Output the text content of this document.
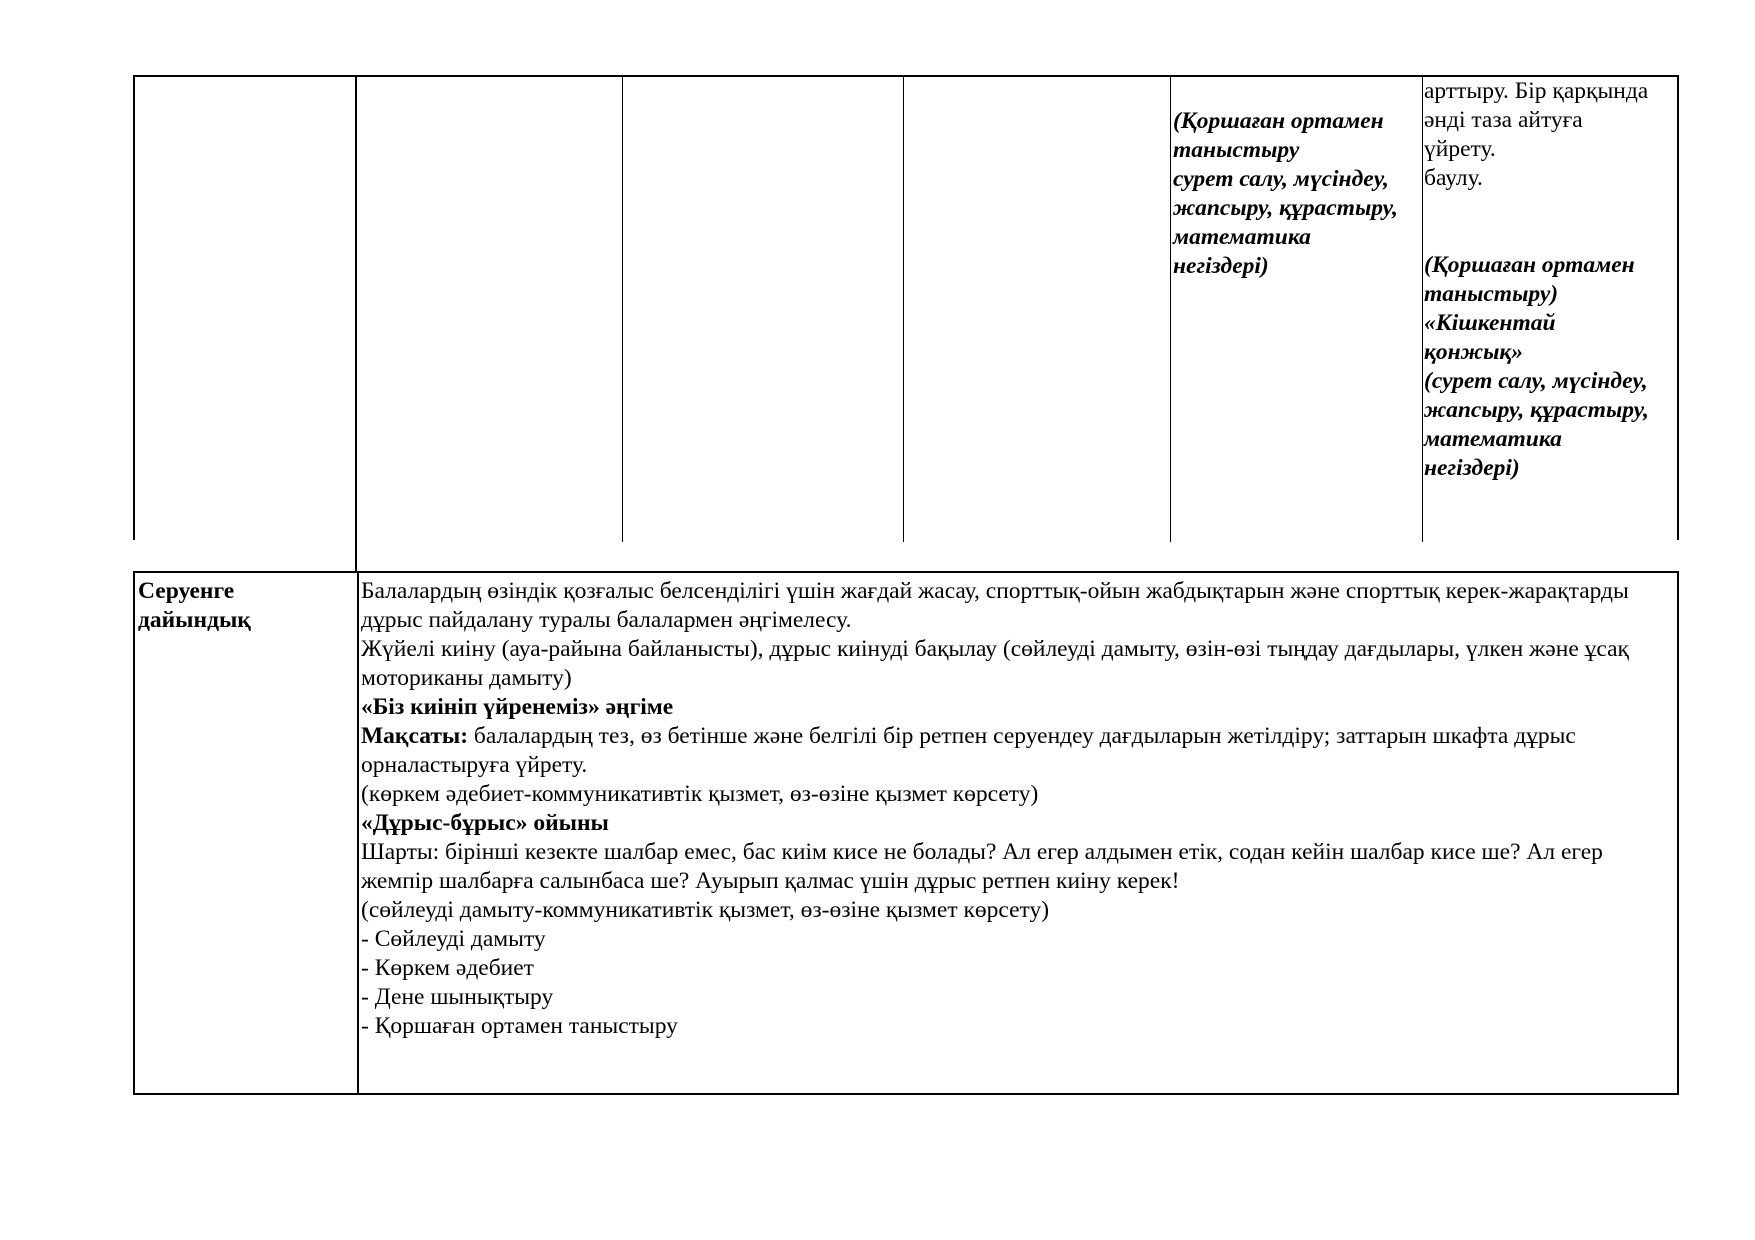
(Қоршаған ортамен
таныстыру
сурет салу, мүсіндеу,
жапсыру, құрастыру,
математика
негіздері)
арттыру. Бір қарқында
әнді таза айтуға
үйрету.
баулу.
(Қоршаған ортамен
таныстыру)
«Кішкентай
қонжық»
(сурет салу, мүсіндеу,
жапсыру, құрастыру,
математика
негіздері)
Серуенге
дайындық

Балалардың өзіндік қозғалыс белсенділігі үшін жағдай жасау, спорттық-ойын жабдықтарын және спорттық керек-жарақтарды дұрыс пайдалану туралы балалармен әңгімелесу.

Жүйелі киіну (ауа-райына байланысты), дұрыс киінуді бақылау (сөйлеуді дамыту, өзін-өзі тыңдау дағдылары, үлкен және ұсақ моториканы дамыту)

«Біз киініп үйренеміз» әңгіме

Мақсаты: балалардың тез, өз бетінше және белгілі бір ретпен серуендеу дағдыларын жетілдіру; заттарын шкафта дұрыс орналастыруға үйрету.

(көркем әдебиет-коммуникативтік қызмет, өз-өзіне қызмет көрсету)

«Дұрыс-бұрыс» ойыны

Шарты: бірінші кезекте шалбар емес, бас киім кисе не болады? Ал егер алдымен етік, содан кейін шалбар кисе ше? Ал егер жемпір шалбарға салынбаса ше? Ауырып қалмас үшін дұрыс ретпен киіну керек!

(сөйлеуді дамыту-коммуникативтік қызмет, өз-өзіне қызмет көрсету)

- Сөйлеуді дамыту

- Көркем әдебиет

- Дене шынықтыру

- Қоршаған ортамен таныстыру
